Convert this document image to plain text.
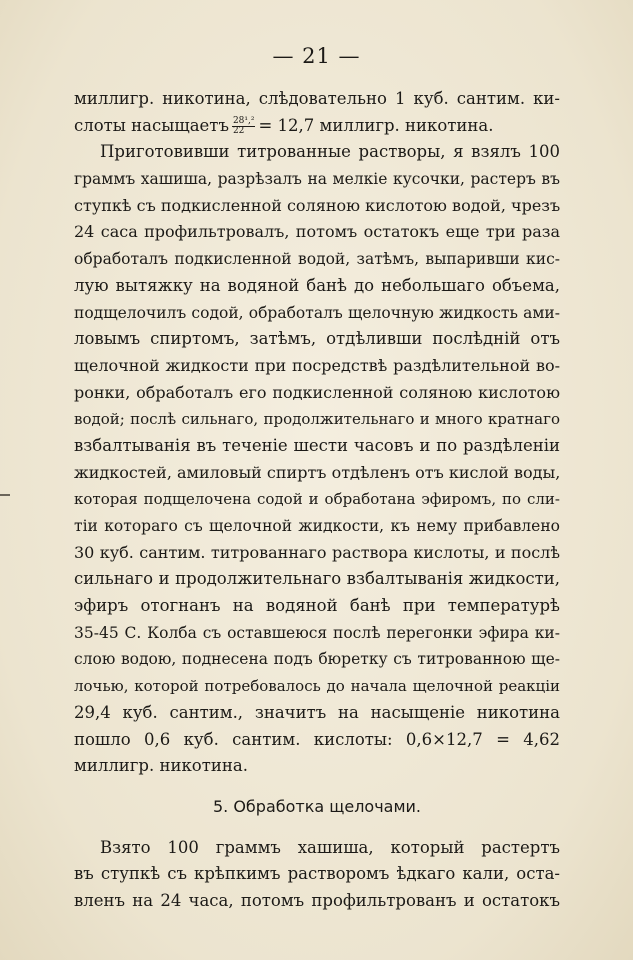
— 21 —
миллигр. никотина, слѣдовательно 1 куб. сантим. ки-
слоты насыщаетъ $\frac{\text{28¹,²}}{22} = 12,7$ миллигр. никотина.
Приготовивши титрованные растворы, я взялъ 100
граммъ хашиша, разрѣзалъ на мелкіе кусочки, растеръ въ
ступкѣ съ подкисленной соляною кислотою водой, чрезъ
24 саса профильтровалъ, потомъ остатокъ еще три раза
обработалъ подкисленной водой, затѣмъ, выпаривши кис-
лую вытяжку на водяной банѣ до небольшаго объема,
подщелочилъ содой, обработалъ щелочную жидкость ами-
ловымъ спиртомъ, затѣмъ, отдѣливши послѣдній отъ
щелочной жидкости при посредствѣ раздѣлительной во-
ронки, обработалъ его подкисленной соляною кислотою
водой; послѣ сильнаго, продолжительнаго и много кратнаго
взбалтыванія въ теченіе шести часовъ и по раздѣленіи
жидкостей, амиловый спиртъ отдѣленъ отъ кислой воды,
которая подщелочена содой и обработана эфиромъ, по сли-
тіи котораго съ щелочной жидкости, къ нему прибавлено
30 куб. сантим. титрованнаго раствора кислоты, и послѣ
сильнаго и продолжительнаго взбалтыванія жидкости,
эфиръ отогнанъ на водяной банѣ при температурѣ
35-45 С. Колба съ оставшеюся послѣ перегонки эфира ки-
слою водою, поднесена подъ бюретку съ титрованною ще-
лочью, которой потребовалось до начала щелочной реакціи
29,4 куб. сантим., значитъ на насыщеніе никотина
пошло 0,6 куб. сантим. кислоты: 0,6×12,7 = 4,62
миллигр. никотина.
5. Обработка щелочами.
Взято 100 граммъ хашиша, который растертъ
въ ступкѣ съ крѣпкимъ растворомъ ѣдкаго кали, оста-
вленъ на 24 часа, потомъ профильтрованъ и остатокъ
